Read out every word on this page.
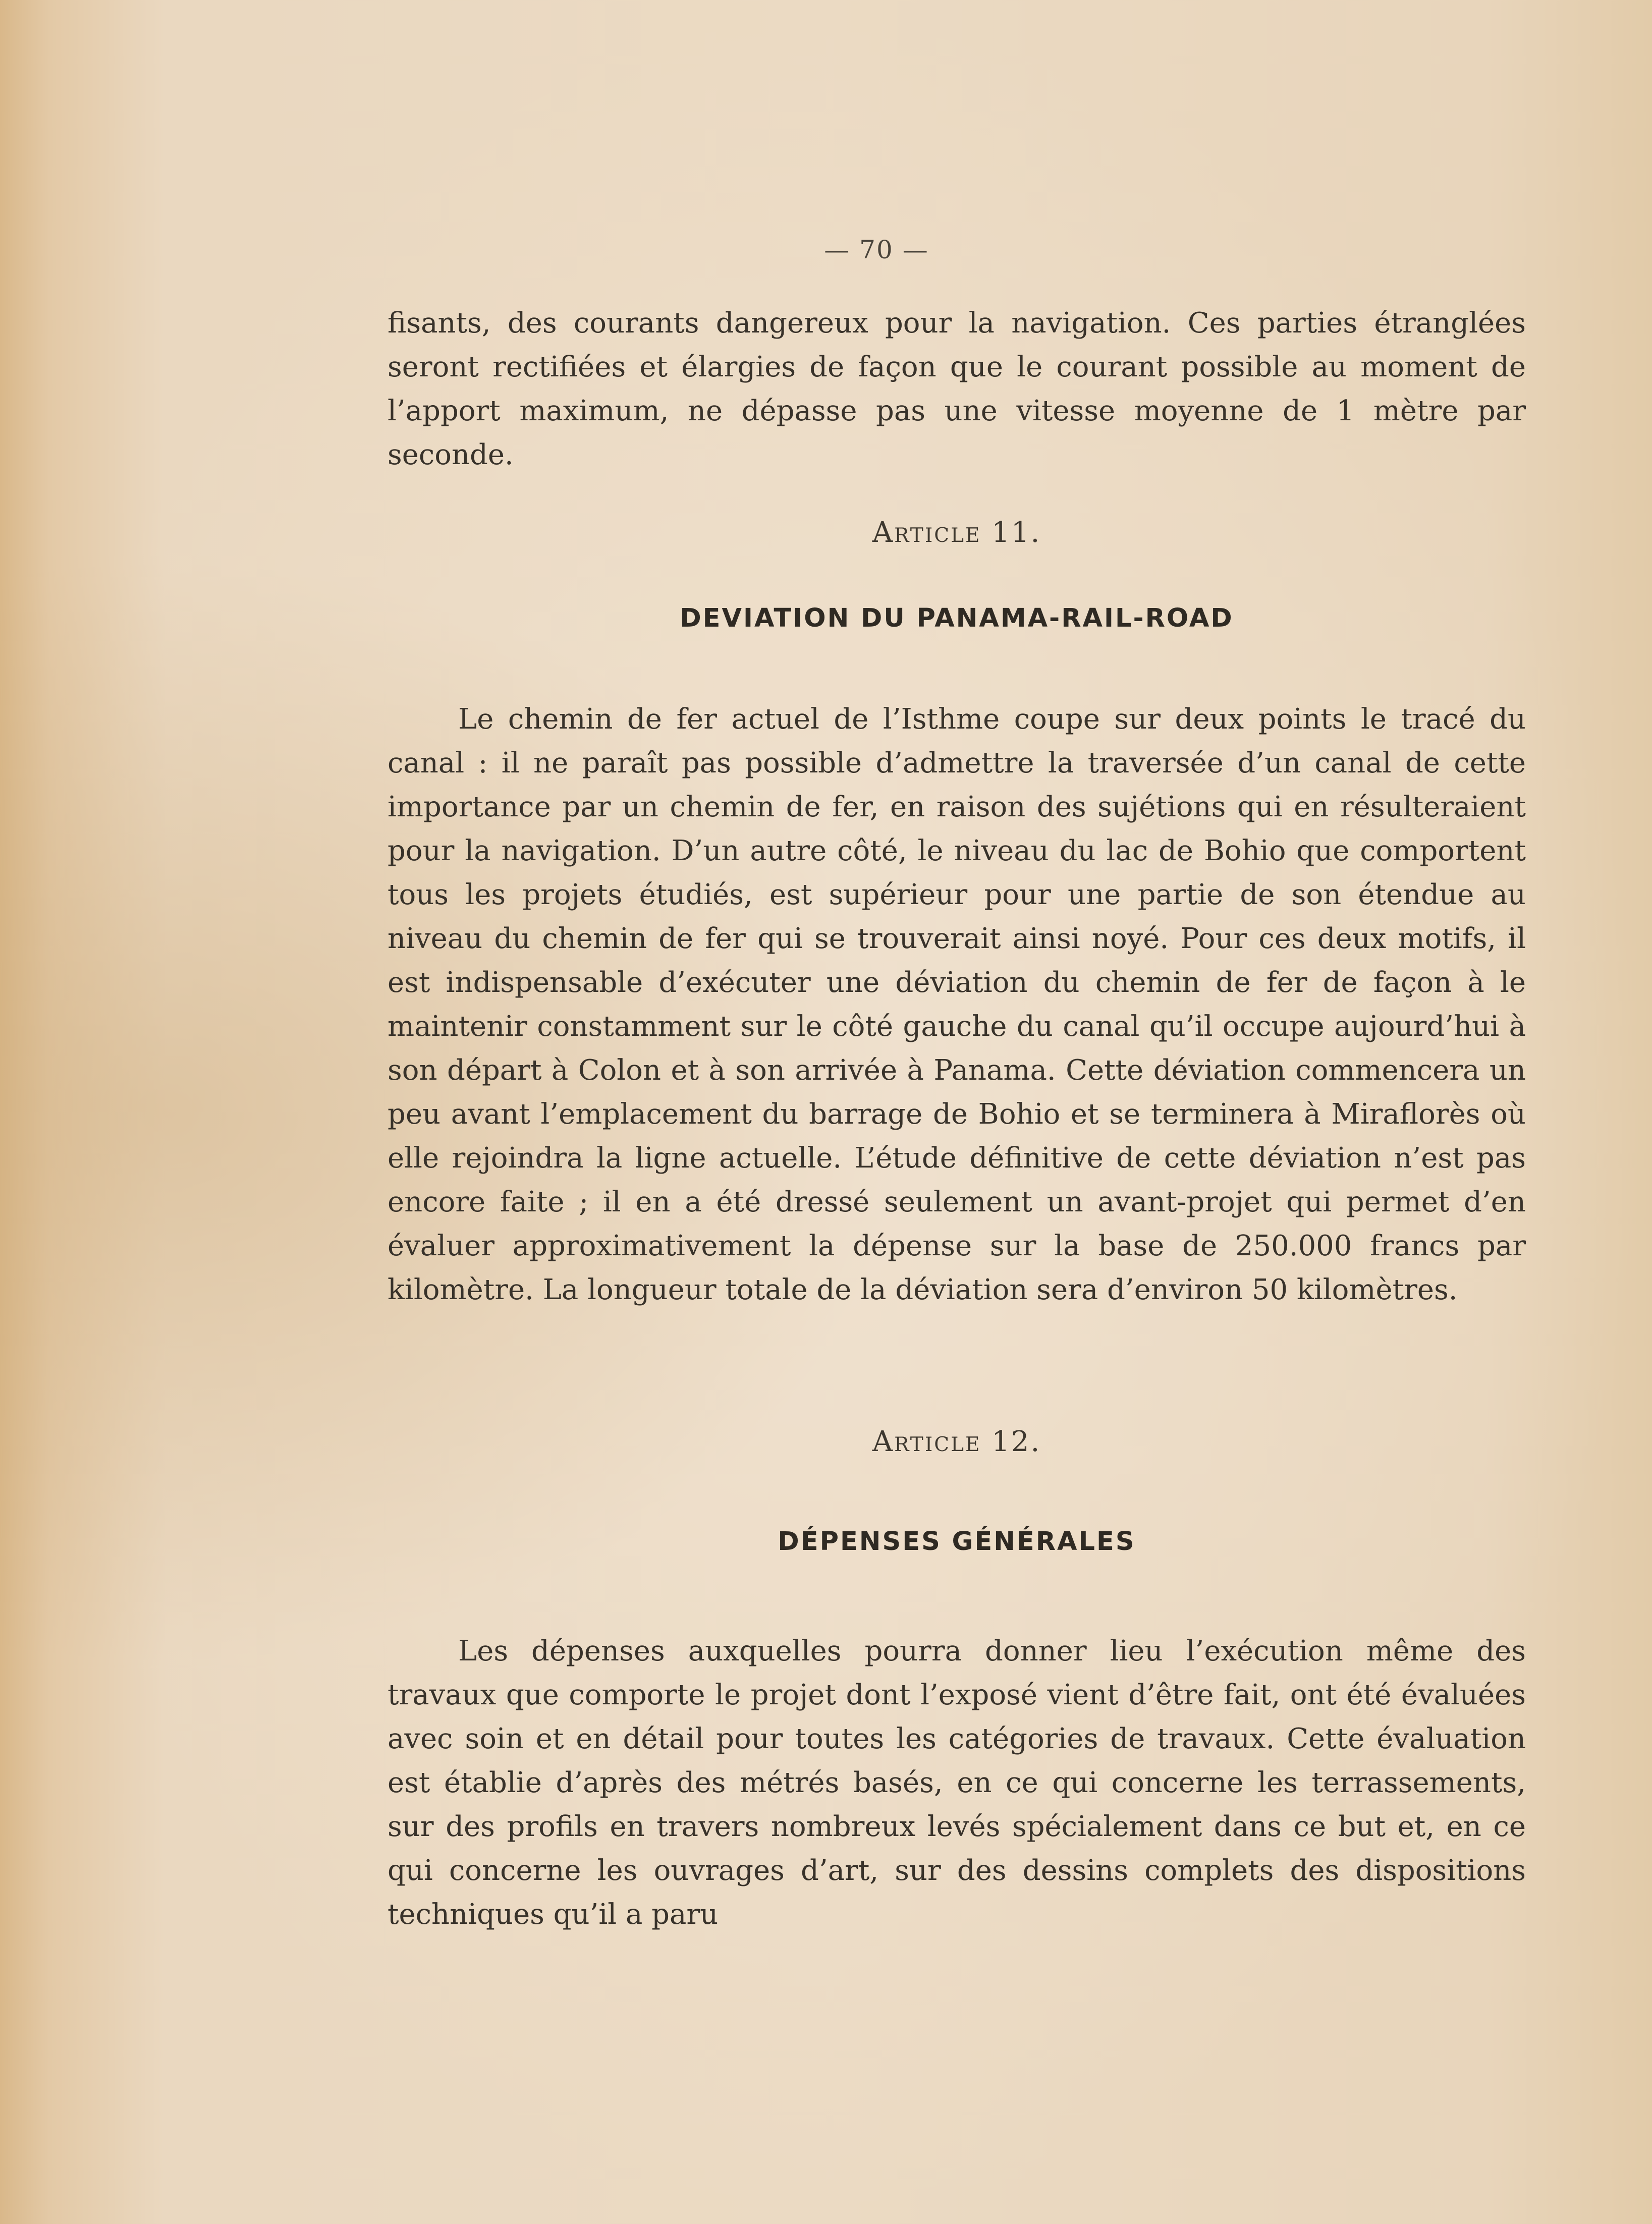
— 70 —

fisants, des courants dangereux pour la navigation. Ces parties étranglées seront rectifiées et élargies de façon que le courant possible au moment de l’apport maximum, ne dépasse pas une vitesse moyenne de 1 mètre par seconde.

Article 11.
DEVIATION DU PANAMA-RAIL-ROAD

Le chemin de fer actuel de l’Isthme coupe sur deux points le tracé du canal : il ne paraît pas possible d’admettre la traversée d’un canal de cette importance par un chemin de fer, en raison des sujétions qui en résulteraient pour la navigation. D’un autre côté, le niveau du lac de Bohio que comportent tous les projets étudiés, est supérieur pour une partie de son étendue au niveau du chemin de fer qui se trouverait ainsi noyé. Pour ces deux motifs, il est indispensable d’exécuter une déviation du chemin de fer de façon à le maintenir constamment sur le côté gauche du canal qu’il occupe aujourd’hui à son départ à Colon et à son arrivée à Panama. Cette déviation commencera un peu avant l’emplacement du barrage de Bohio et se terminera à Miraflorès où elle rejoindra la ligne actuelle. L’étude définitive de cette déviation n’est pas encore faite ; il en a été dressé seulement un avant-projet qui permet d’en évaluer approximativement la dépense sur la base de 250.000 francs par kilomètre. La longueur totale de la déviation sera d’environ 50 kilomètres.

Article 12.
DÉPENSES GÉNÉRALES

Les dépenses auxquelles pourra donner lieu l’exécution même des travaux que comporte le projet dont l’exposé vient d’être fait, ont été évaluées avec soin et en détail pour toutes les catégories de travaux. Cette évaluation est établie d’après des métrés basés, en ce qui concerne les terrassements, sur des profils en travers nombreux levés spécialement dans ce but et, en ce qui concerne les ouvrages d’art, sur des dessins complets des dispositions techniques qu’il a paru
